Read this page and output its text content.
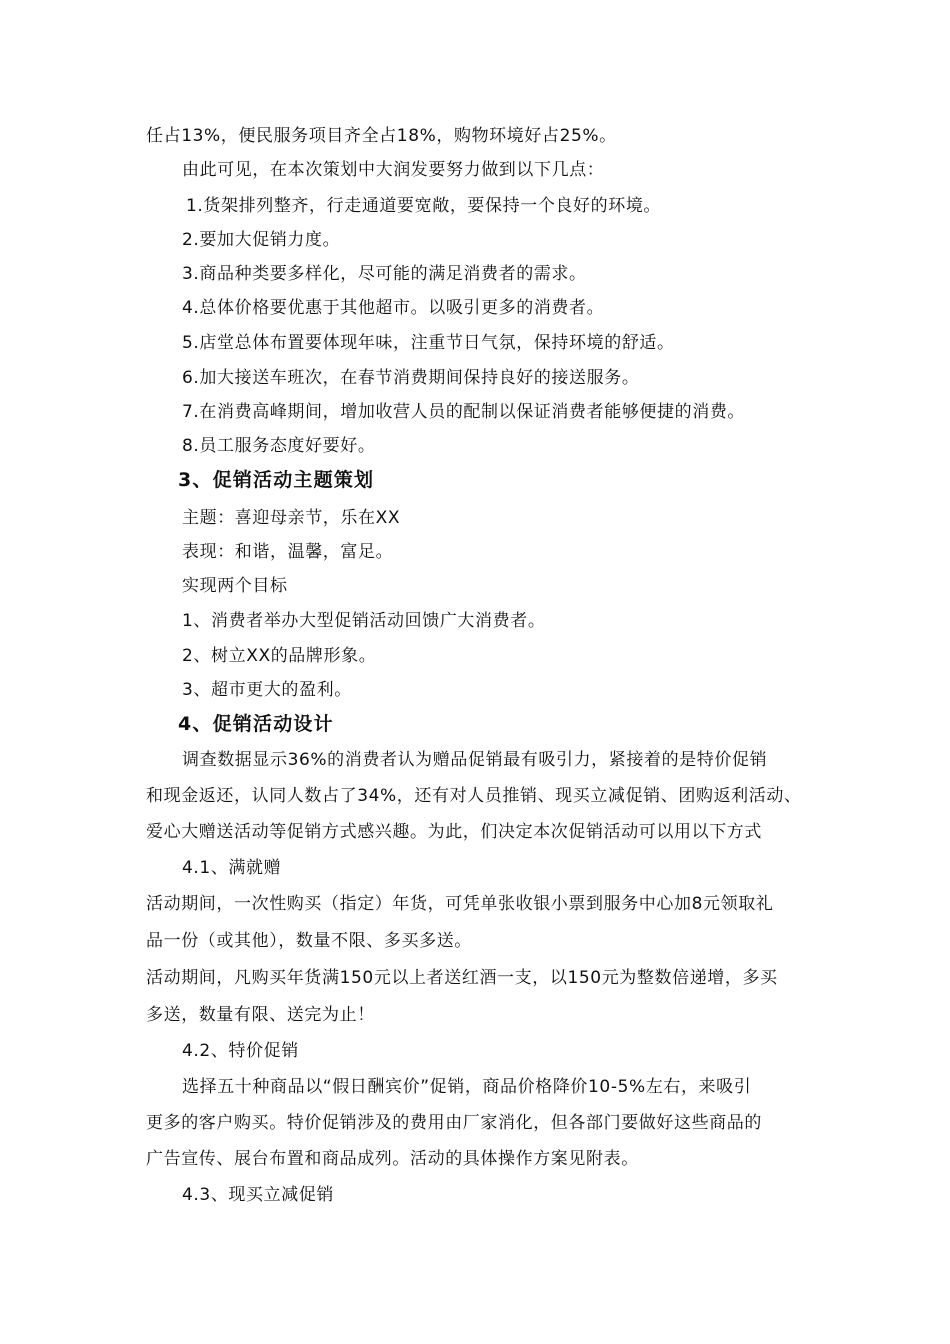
任占13%，便民服务项目齐全占18%，购物环境好占25%。
由此可见，在本次策划中大润发要努力做到以下几点：
1.货架排列整齐，行走通道要宽敞，要保持一个良好的环境。
2.要加大促销力度。
3.商品种类要多样化，尽可能的满足消费者的需求。
4.总体价格要优惠于其他超市。以吸引更多的消费者。
5.店堂总体布置要体现年味，注重节日气氛，保持环境的舒适。
6.加大接送车班次，在春节消费期间保持良好的接送服务。
7.在消费高峰期间，增加收营人员的配制以保证消费者能够便捷的消费。
8.员工服务态度好要好。
3、促销活动主题策划
主题：喜迎母亲节，乐在XX
表现：和谐，温馨，富足。
实现两个目标
1、消费者举办大型促销活动回馈广大消费者。
2、树立XX的品牌形象。
3、超市更大的盈利。
4、促销活动设计
调查数据显示36%的消费者认为赠品促销最有吸引力，紧接着的是特价促销
和现金返还，认同人数占了34%，还有对人员推销、现买立减促销、团购返利活动、
爱心大赠送活动等促销方式感兴趣。为此，们决定本次促销活动可以用以下方式
4.1、满就赠
活动期间，一次性购买（指定）年货，可凭单张收银小票到服务中心加8元领取礼
品一份（或其他），数量不限、多买多送。
活动期间，凡购买年货满150元以上者送红酒一支，以150元为整数倍递增，多买
多送，数量有限、送完为止！
4.2、特价促销
选择五十种商品以“假日酬宾价”促销，商品价格降价10-5%左右，来吸引
更多的客户购买。特价促销涉及的费用由厂家消化，但各部门要做好这些商品的
广告宣传、展台布置和商品成列。活动的具体操作方案见附表。
4.3、现买立减促销
